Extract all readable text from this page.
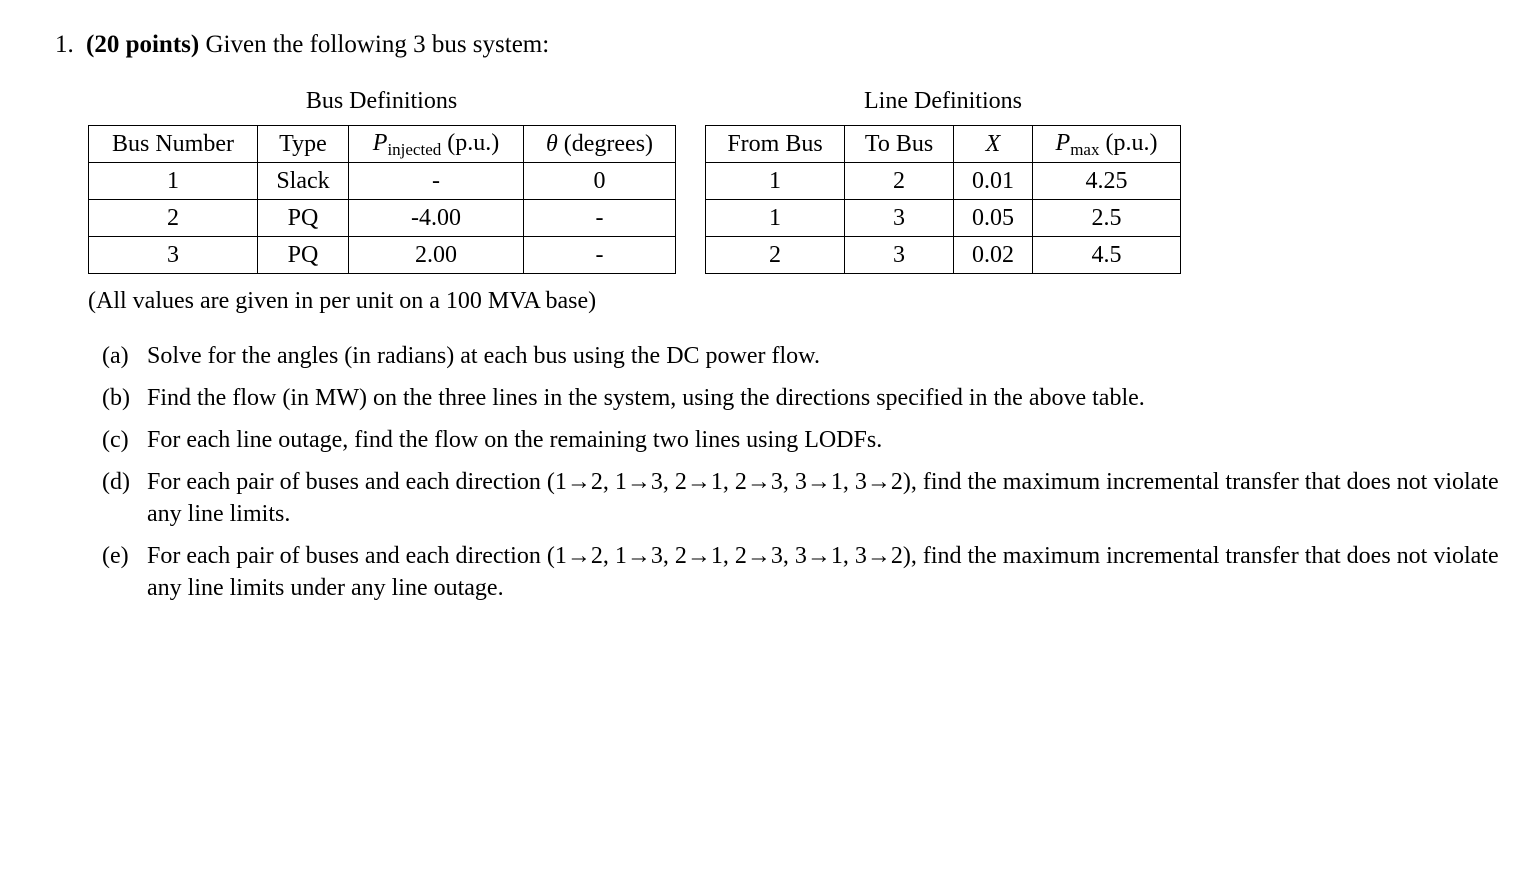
1. (20 points) Given the following 3 bus system:
Bus Definitions	Line Definitions
Bus Number	Type	$P_{injected}$ (p.u.)	θ (degrees)
1	Slack	-	0
2	PQ	-4.00	-
3	PQ	2.00	-
From Bus	To Bus	X	$P_{max}$ (p.u.)
1	2	0.01	4.25
1	3	0.05	2.5
2	3	0.02	4.5
(All values are given in per unit on a 100 MVA base)
(a) Solve for the angles (in radians) at each bus using the DC power flow.
(b) Find the flow (in MW) on the three lines in the system, using the directions specified in the above table.
(c) For each line outage, find the flow on the remaining two lines using LODFs.
(d) For each pair of buses and each direction (1→2, 1→3, 2→1, 2→3, 3→1, 3→2), find the maximum incremental transfer that does not violate any line limits.
(e) For each pair of buses and each direction (1→2, 1→3, 2→1, 2→3, 3→1, 3→2), find the maximum incremental transfer that does not violate any line limits under any line outage.
